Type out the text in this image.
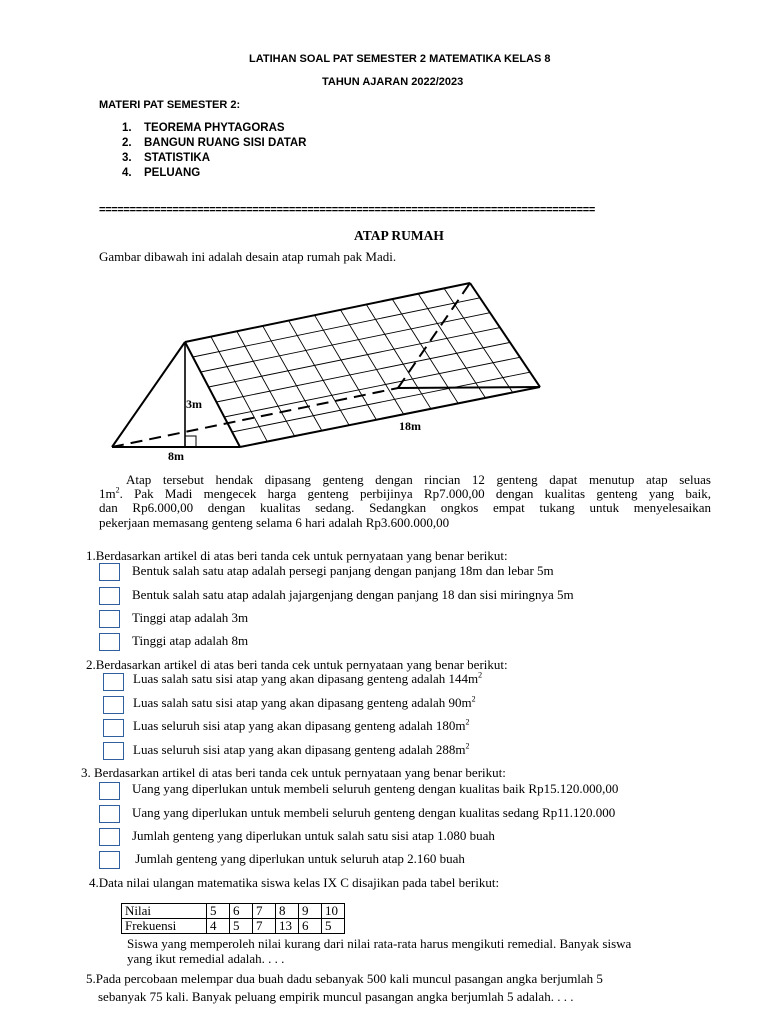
LATIHAN SOAL PAT SEMESTER 2 MATEMATIKA KELAS 8
TAHUN AJARAN 2022/2023
MATERI PAT SEMESTER 2:
1. TEOREMA PHYTAGORAS
2. BANGUN RUANG SISI DATAR
3. STATISTIKA
4. PELUANG
=================================================================================
ATAP RUMAH
Gambar dibawah ini adalah desain atap rumah pak Madi.
3m
8m
18m
Atap tersebut hendak dipasang genteng dengan rincian 12 genteng dapat menutup atap seluas
$1m^2$. Pak Madi mengecek harga genteng perbijinya Rp7.000,00 dengan kualitas genteng yang baik,
dan Rp6.000,00 dengan kualitas sedang. Sedangkan ongkos empat tukang untuk menyelesaikan
pekerjaan memasang genteng selama 6 hari adalah Rp3.600.000,00
1.Berdasarkan artikel di atas beri tanda cek untuk pernyataan yang benar berikut:
Bentuk salah satu atap adalah persegi panjang dengan panjang 18m dan lebar 5m
Bentuk salah satu atap adalah jajargenjang dengan panjang 18 dan sisi miringnya 5m
Tinggi atap adalah 3m
Tinggi atap adalah 8m
2.Berdasarkan artikel di atas beri tanda cek untuk pernyataan yang benar berikut:
Luas salah satu sisi atap yang akan dipasang genteng adalah $144m^2$
Luas salah satu sisi atap yang akan dipasang genteng adalah $90m^2$
Luas seluruh sisi atap yang akan dipasang genteng adalah $180m^2$
Luas seluruh sisi atap yang akan dipasang genteng adalah $288m^2$
3. Berdasarkan artikel di atas beri tanda cek untuk pernyataan yang benar berikut:
Uang yang diperlukan untuk membeli seluruh genteng dengan kualitas baik Rp15.120.000,00
Uang yang diperlukan untuk membeli seluruh genteng dengan kualitas sedang Rp11.120.000
Jumlah genteng yang diperlukan untuk salah satu sisi atap 1.080 buah
Jumlah genteng yang diperlukan untuk seluruh atap 2.160 buah
4.Data nilai ulangan matematika siswa kelas IX C disajikan pada tabel berikut:
Nilai	5	6	7	8	9	10
Frekuensi	4	5	7	13	6	5
Siswa yang memperoleh nilai kurang dari nilai rata-rata harus mengikuti remedial. Banyak siswa
yang ikut remedial adalah. . . .
5.Pada percobaan melempar dua buah dadu sebanyak 500 kali muncul pasangan angka berjumlah 5
sebanyak 75 kali. Banyak peluang empirik muncul pasangan angka berjumlah 5 adalah. . . .
